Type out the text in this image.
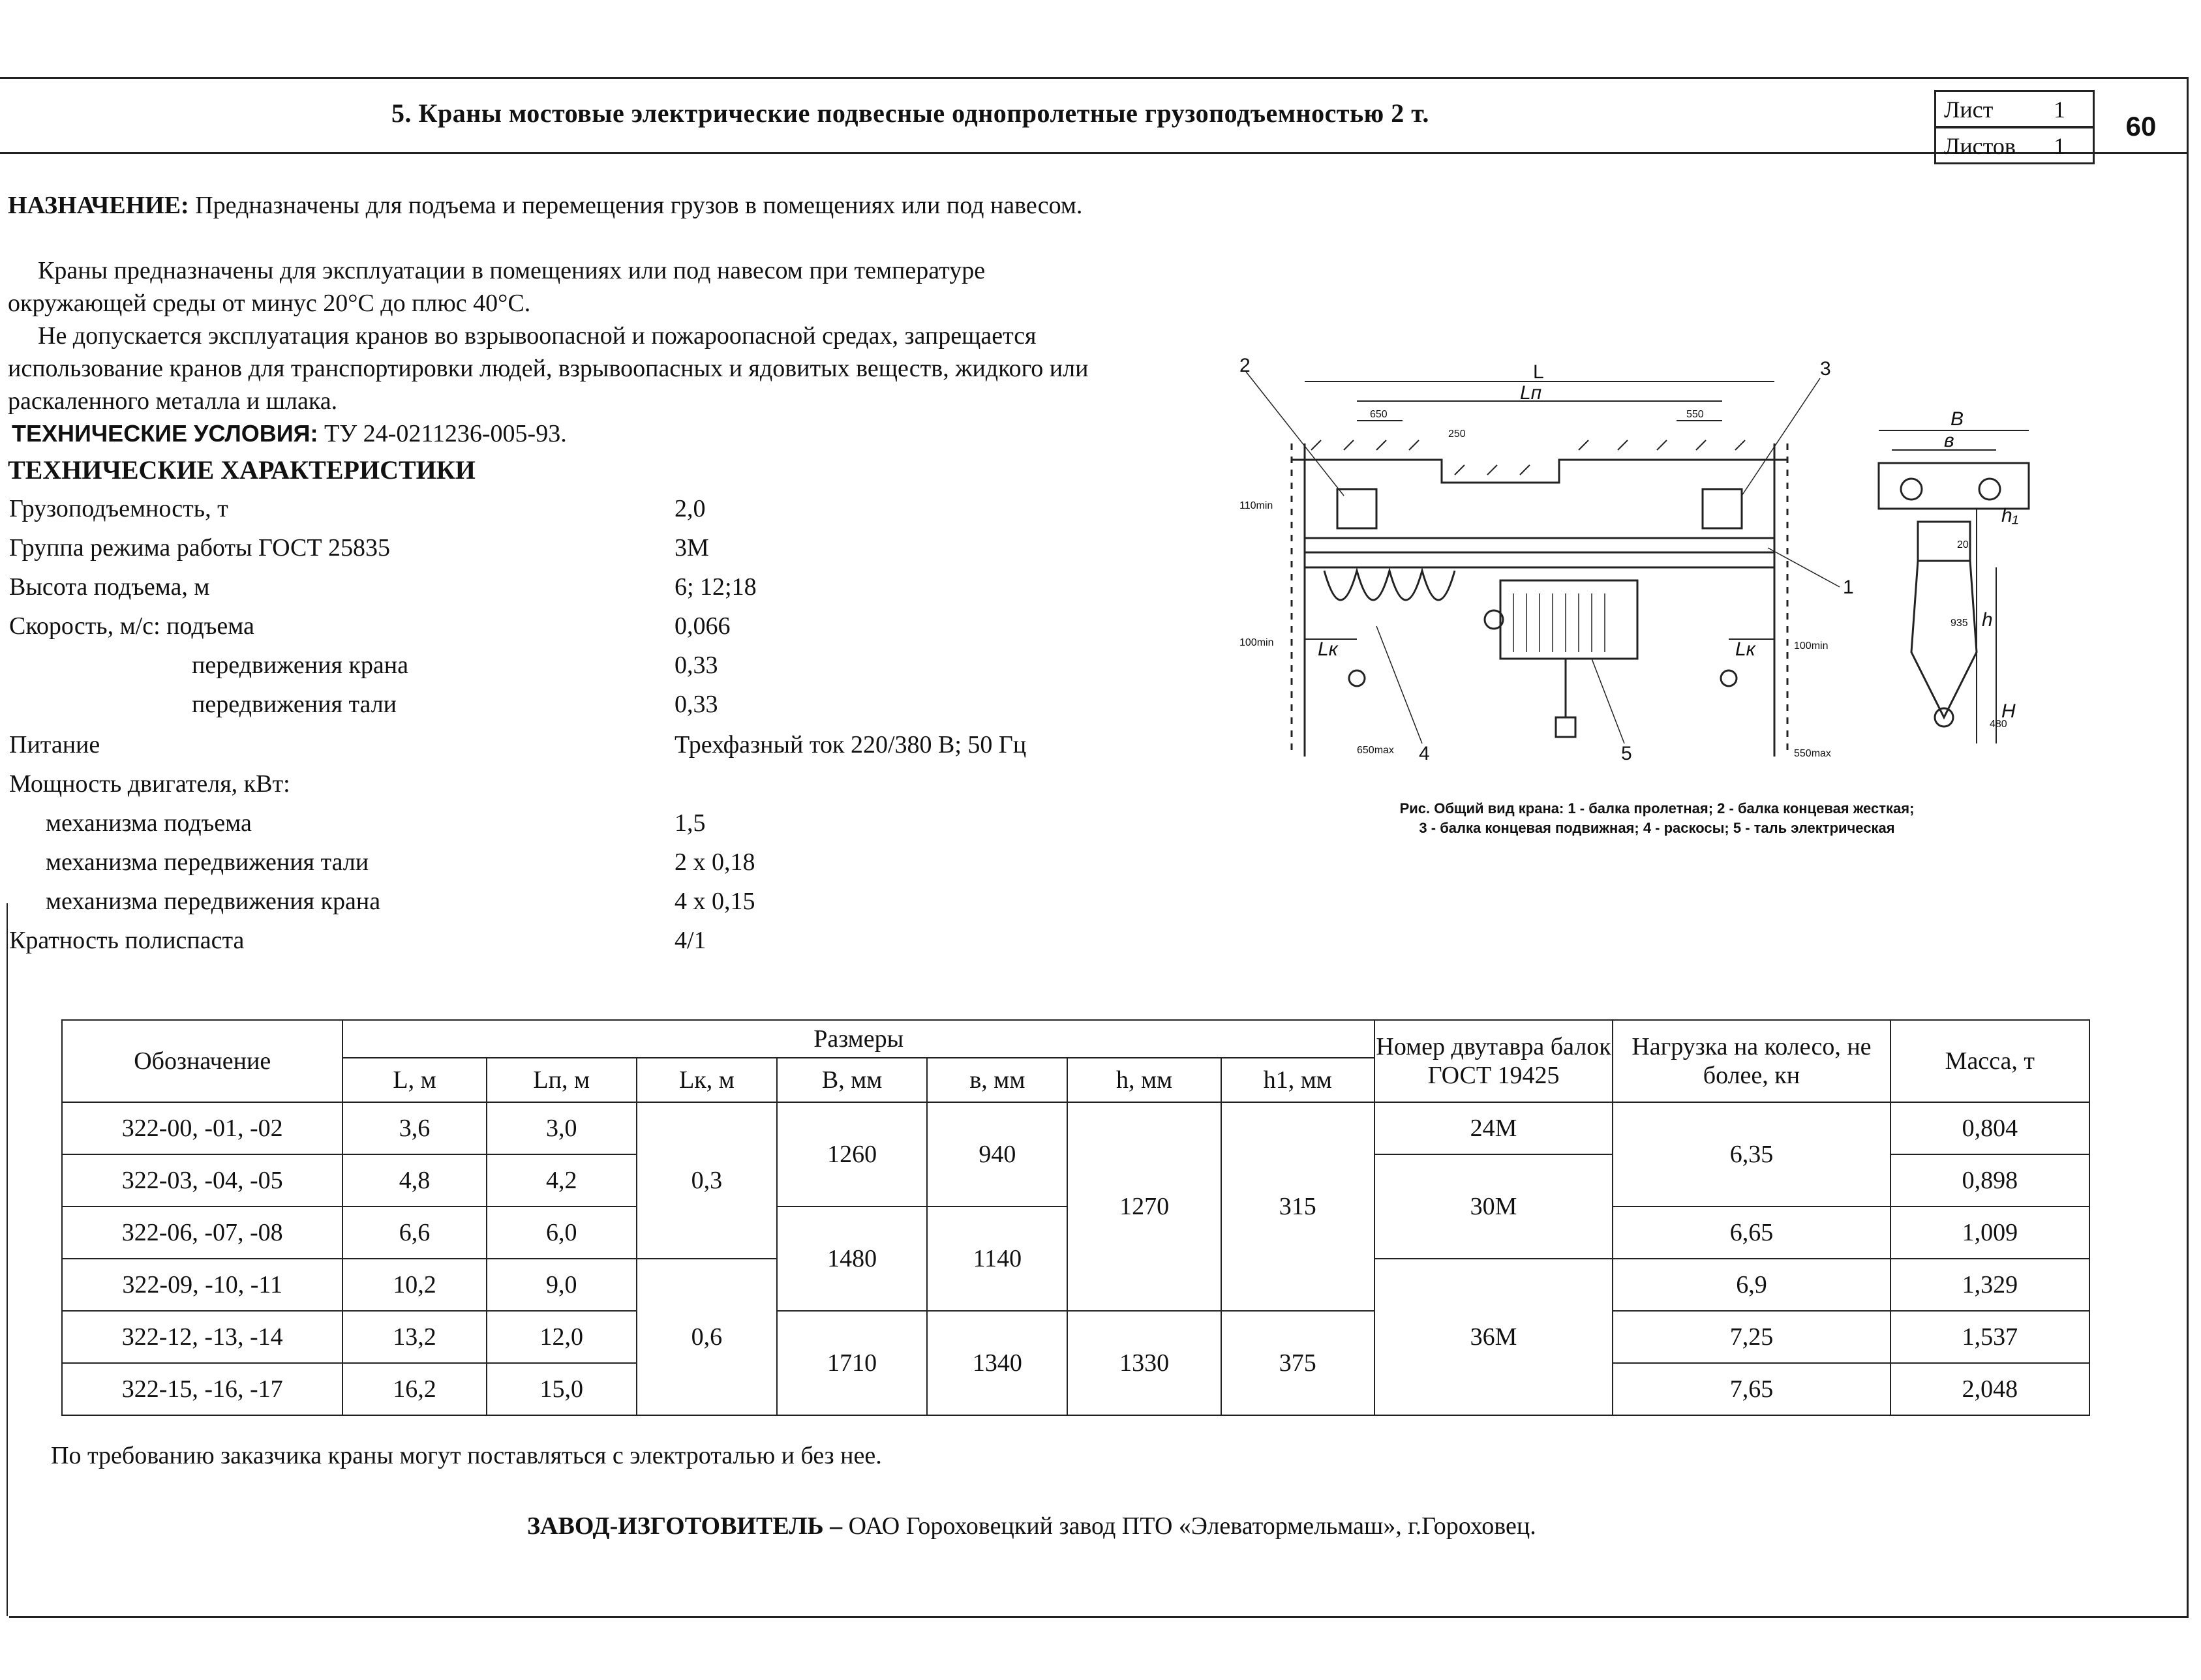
5. Краны мостовые электрические подвесные однопролетные грузоподъемностью 2 т.	Лист	1
Листов 1
60
НАЗНАЧЕНИЕ: Предназначены для подъема и перемещения грузов в помещениях или под навесом.
Краны предназначены для эксплуатации в помещениях или под навесом при температуре окружающей среды от минус 20°С до плюс 40°С.
Не допускается эксплуатация кранов во взрывоопасной и пожароопасной средах, запрещается использование кранов для транспортировки людей, взрывоопасных и ядовитых веществ, жидкого или раскаленного металла и шлака.
ТЕХНИЧЕСКИЕ УСЛОВИЯ: ТУ 24-0211236-005-93.
ТЕХНИЧЕСКИЕ ХАРАКТЕРИСТИКИ
Грузоподъемность, т	2,0
Группа режима работы ГОСТ 25835	3М
Высота подъема, м	6; 12;18
Скорость, м/с: подъема	0,066
передвижения крана	0,33
передвижения тали	0,33
Питание	Трехфазный ток 220/380 В; 50 Гц
Мощность двигателя, кВт:
механизма подъема	1,5
механизма передвижения тали	2 х 0,18
механизма передвижения крана	4 х 0,15
Кратность полиспаста	4/1
L
Lп
Lк	Lк
B
в
h
h₁
H
2	3
1
4	5
650	550
250
110min
100min	100min
650max	550max
935
480
20
Рис. Общий вид крана: 1 - балка пролетная; 2 - балка концевая жесткая;
3 - балка концевая подвижная; 4 - раскосы; 5 - таль электрическая
Обозначение	Размеры							Номер двутавра балок ГОСТ 19425	Нагрузка на колесо, не более, кн	Масса, т
	L, м	Lп, м	Lк, м	В, мм	в, мм	h, мм	h1, мм			
322-00, -01, -02	3,6	3,0	0,3	1260	940	1270	315	24М	6,35	0,804
322-03, -04, -05	4,8	4,2						30М		0,898
322-06, -07, -08	6,6	6,0		1480	1140				6,65	1,009
322-09, -10, -11	10,2	9,0	0,6					36М	6,9	1,329
322-12, -13, -14	13,2	12,0		1710	1340	1330	375		7,25	1,537
322-15, -16, -17	16,2	15,0							7,65	2,048
По требованию заказчика краны могут поставляться с электроталью и без нее.
ЗАВОД-ИЗГОТОВИТЕЛЬ – ОАО Гороховецкий завод ПТО «Элеватормельмаш», г.Гороховец.
